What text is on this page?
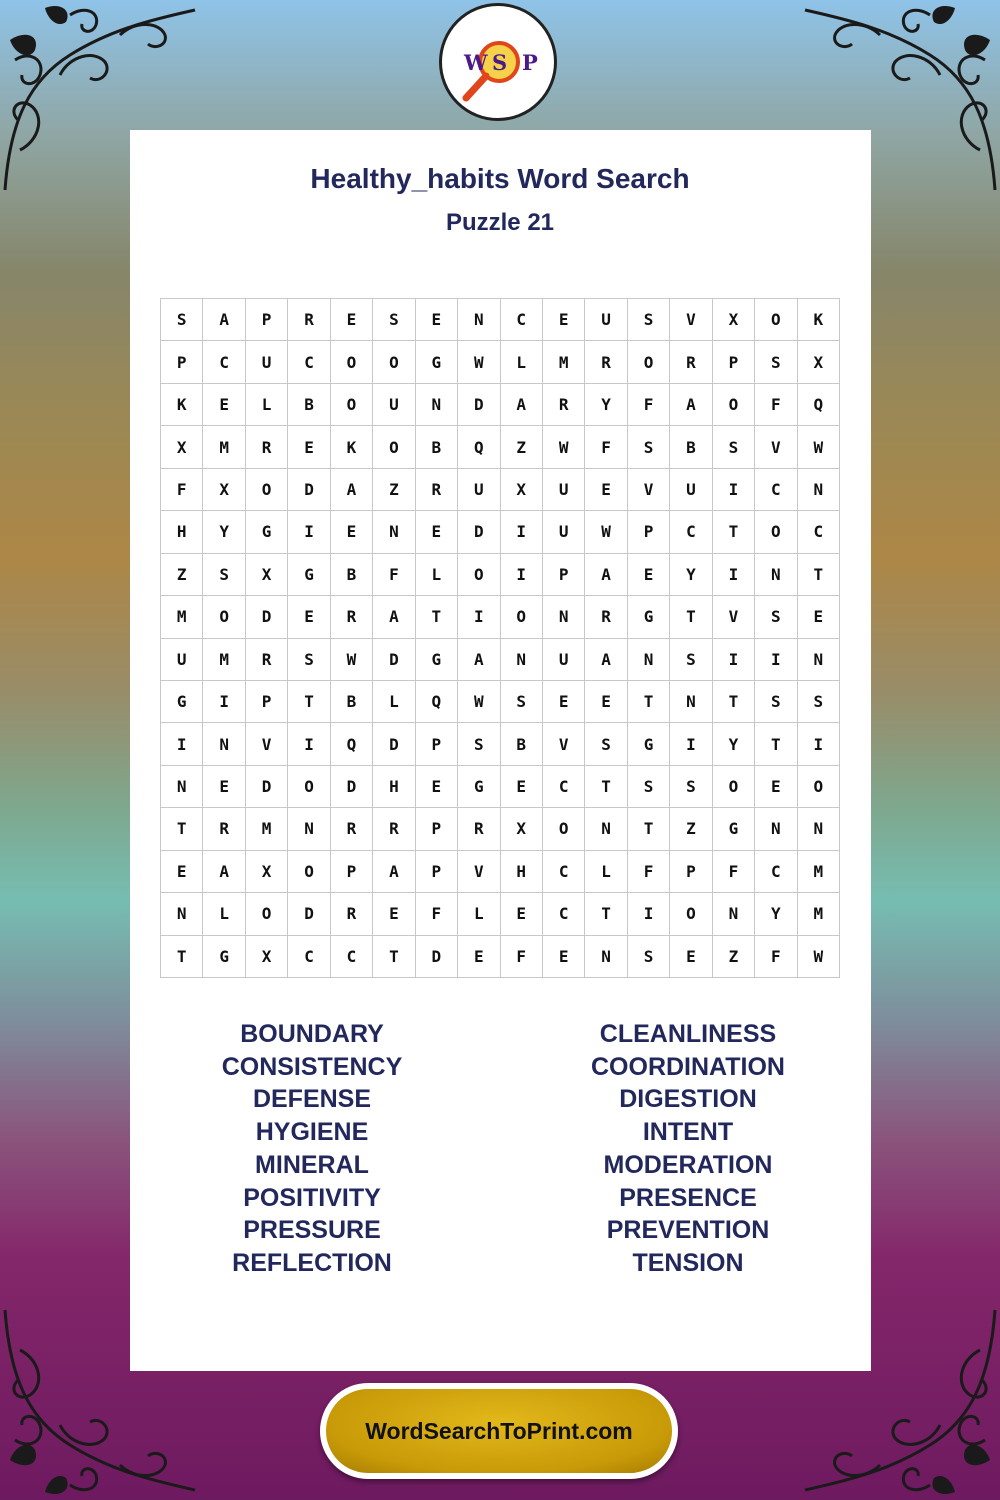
W S P
Healthy_habits Word Search
Puzzle 21
S	A	P	R	E	S	E	N	C	E	U	S	V	X	O	K
P	C	U	C	O	O	G	W	L	M	R	O	R	P	S	X
K	E	L	B	O	U	N	D	A	R	Y	F	A	O	F	Q
X	M	R	E	K	O	B	Q	Z	W	F	S	B	S	V	W
F	X	O	D	A	Z	R	U	X	U	E	V	U	I	C	N
H	Y	G	I	E	N	E	D	I	U	W	P	C	T	O	C
Z	S	X	G	B	F	L	O	I	P	A	E	Y	I	N	T
M	O	D	E	R	A	T	I	O	N	R	G	T	V	S	E
U	M	R	S	W	D	G	A	N	U	A	N	S	I	I	N
G	I	P	T	B	L	Q	W	S	E	E	T	N	T	S	S
I	N	V	I	Q	D	P	S	B	V	S	G	I	Y	T	I
N	E	D	O	D	H	E	G	E	C	T	S	S	O	E	O
T	R	M	N	R	R	P	R	X	O	N	T	Z	G	N	N
E	A	X	O	P	A	P	V	H	C	L	F	P	F	C	M
N	L	O	D	R	E	F	L	E	C	T	I	O	N	Y	M
T	G	X	C	C	T	D	E	F	E	N	S	E	Z	F	W
BOUNDARY
CONSISTENCY
DEFENSE
HYGIENE
MINERAL
POSITIVITY
PRESSURE
REFLECTION
CLEANLINESS
COORDINATION
DIGESTION
INTENT
MODERATION
PRESENCE
PREVENTION
TENSION
WordSearchToPrint.com
